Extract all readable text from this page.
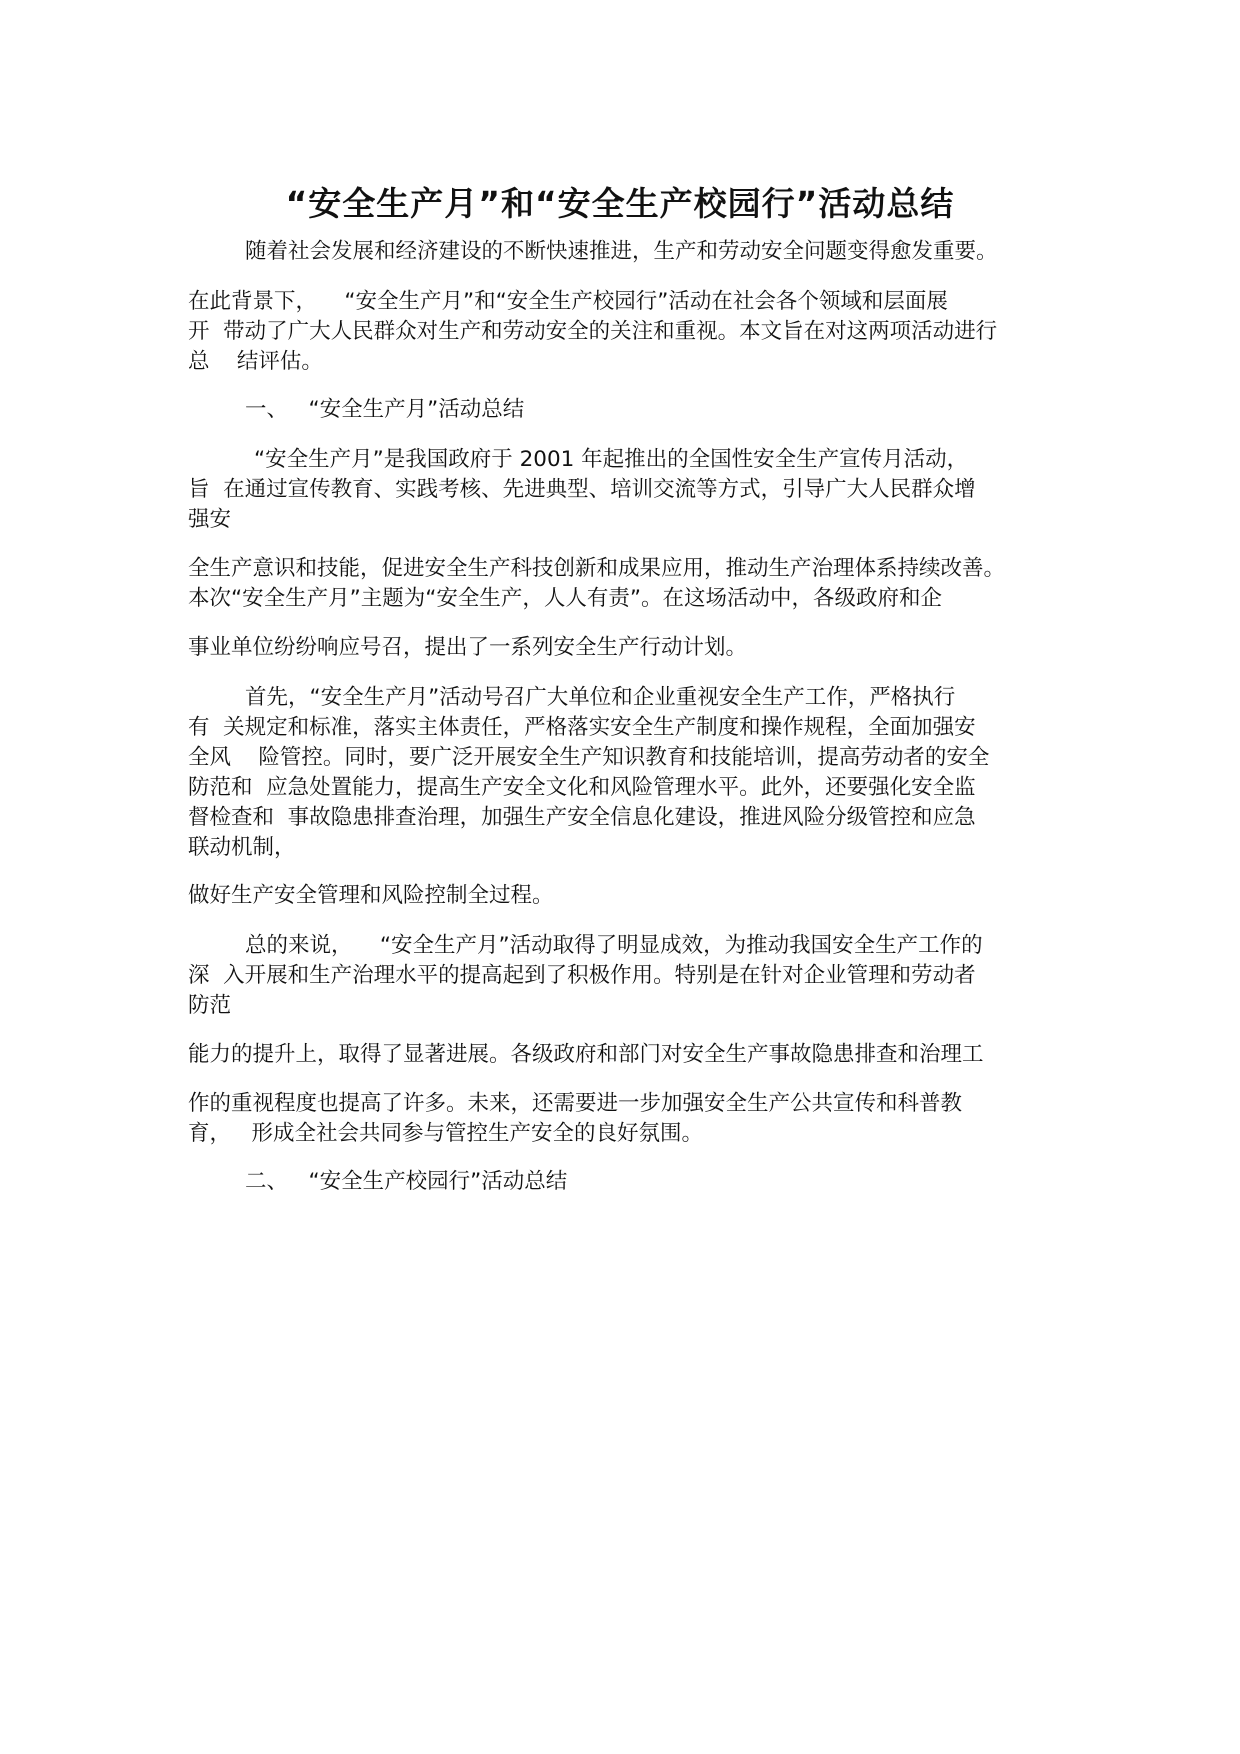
“安全生产月”和“安全生产校园行”活动总结
随着社会发展和经济建设的不断快速推进，生产和劳动安全问题变得愈发重要。
在此背景下，    “安全生产月”和“安全生产校园行”活动在社会各个领域和层面展
开  带动了广大人民群众对生产和劳动安全的关注和重视。本文旨在对这两项活动进行
总    结评估。
一、   “安全生产月”活动总结
“安全生产月”是我国政府于 2001 年起推出的全国性安全生产宣传月活动，
旨  在通过宣传教育、实践考核、先进典型、培训交流等方式，引导广大人民群众增
强安
全生产意识和技能，促进安全生产科技创新和成果应用，推动生产治理体系持续改善。
本次“安全生产月”主题为“安全生产，人人有责”。在这场活动中，各级政府和企
事业单位纷纷响应号召，提出了一系列安全生产行动计划。
首先，“安全生产月”活动号召广大单位和企业重视安全生产工作，严格执行
有  关规定和标准，落实主体责任，严格落实安全生产制度和操作规程，全面加强安
全风    险管控。同时，要广泛开展安全生产知识教育和技能培训，提高劳动者的安全
防范和  应急处置能力，提高生产安全文化和风险管理水平。此外，还要强化安全监
督检查和  事故隐患排查治理，加强生产安全信息化建设，推进风险分级管控和应急
联动机制，
做好生产安全管理和风险控制全过程。
总的来说，    “安全生产月”活动取得了明显成效，为推动我国安全生产工作的
深  入开展和生产治理水平的提高起到了积极作用。特别是在针对企业管理和劳动者
防范
能力的提升上，取得了显著进展。各级政府和部门对安全生产事故隐患排查和治理工
作的重视程度也提高了许多。未来，还需要进一步加强安全生产公共宣传和科普教
育，   形成全社会共同参与管控生产安全的良好氛围。
二、   “安全生产校园行”活动总结
